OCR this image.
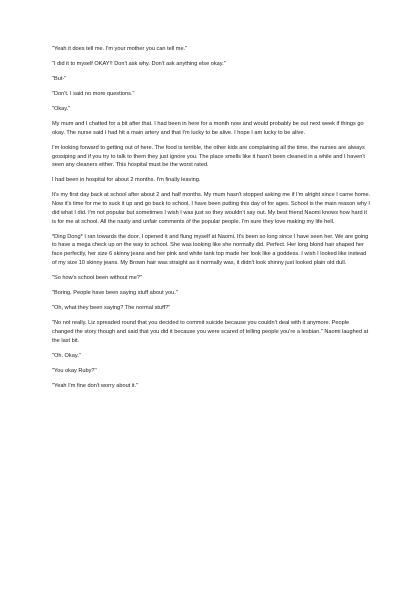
"Yeah it does tell me. I'm your mother you can tell me."

"I did it to myself OKAY!! Don't ask why. Don't ask anything else okay.''

"But-''

"Don't. I said no more questions."

"Okay.''

My mum and I chatted for a bit after that. I had been in here for a month now and would probably be out next week if things go okay. The nurse said I had hit a main artery and that I'm lucky to be alive. I hope I am lucky to be alive.

I'm looking forward to getting out of here. The food is terrible, the other kids are complaining all the time, the nurses are always gossiping and if you try to talk to them they just ignore you. The place smells like it hasn't been cleaned in a while and I haven't seen any cleaners either. This hospital must be the worst rated.

I had been in hospital for about 2 months. I'm finally leaving.

It's my first day back at school after about 2 and half months. My mum hasn't stopped asking me if I'm alright since I came home. Now it's time for me to suck it up and go back to school. I have been putting this day of for ages. School is the main reason why I did what I did. I'm not popular but sometimes I wish I was just so they wouldn't say out. My best friend Naomi knows how hard it is for me at school. All the nasty and unfair comments of the popular people. I'm sure they love making my life hell.

*Ding Dong* I ran towards the door. I opened it and flung myself at Naomi. It's been so long since I have seen her. We are going to have a mega check up on the way to school. She was looking like she normally did. Perfect. Her long blond hair shaped her face perfectly, her size 6 skinny jeans and her pink and white tank top made her look like a goddess. I wish I looked like instead of my size 10 skinny jeans. My Brown hair was straight as it normally was, it didn't look shinny just looked plain old dull.

"So how's school been without me?"

"Boring. People have been saying stuff about you."

"Oh, what they been saying? The normal stuff?"

"No not really. Liz spreaded round that you decided to commit suicide because you couldn't deal with it anymore. People changed the story though and said that you did it because you were scared of telling people you're a lesbian." Naomi laughed at the last bit.

"Oh. Okay."

"You okay Ruby?''

"Yeah I'm fine don't worry about it."
